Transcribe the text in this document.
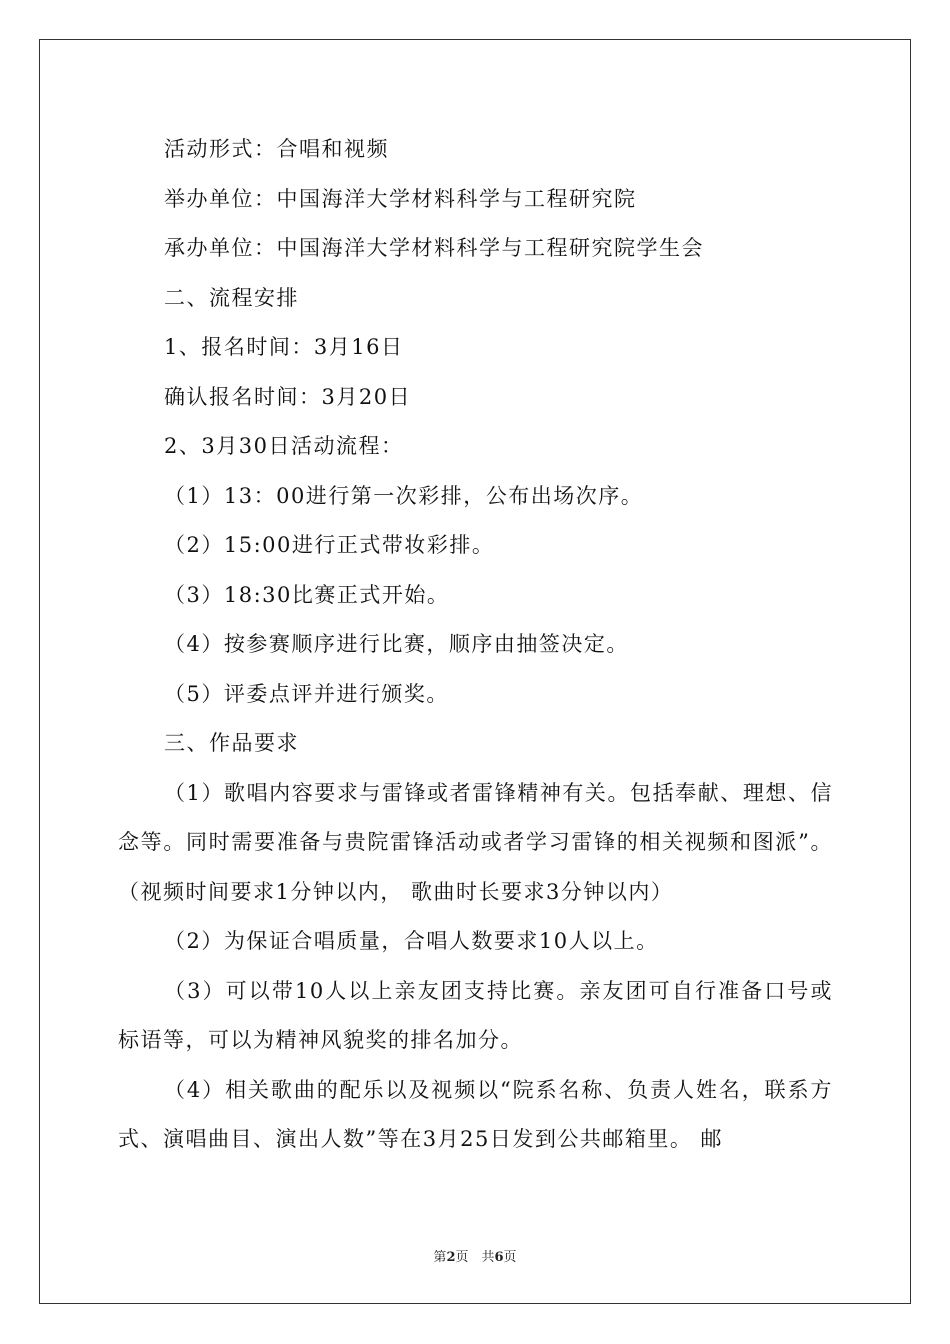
活动形式：合唱和视频

举办单位：中国海洋大学材料科学与工程研究院

承办单位：中国海洋大学材料科学与工程研究院学生会

二、流程安排

1、报名时间：3月16日

确认报名时间：3月20日

2、3月30日活动流程：

（1）13：00进行第一次彩排，公布出场次序。

（2）15:00进行正式带妆彩排。

（3）18:30比赛正式开始。

（4）按参赛顺序进行比赛，顺序由抽签决定。

（5）评委点评并进行颁奖。

三、作品要求

（1）歌唱内容要求与雷锋或者雷锋精神有关。包括奉献、理想、信念等。同时需要准备与贵院雷锋活动或者学习雷锋的相关视频和图派”。（视频时间要求1分钟以内， 歌曲时长要求3分钟以内）

（2）为保证合唱质量，合唱人数要求10人以上。

（3）可以带10人以上亲友团支持比赛。亲友团可自行准备口号或标语等，可以为精神风貌奖的排名加分。

（4）相关歌曲的配乐以及视频以“院系名称、负责人姓名，联系方式、演唱曲目、演出人数”等在3月25日发到公共邮箱里。 邮

第2页　共6页
